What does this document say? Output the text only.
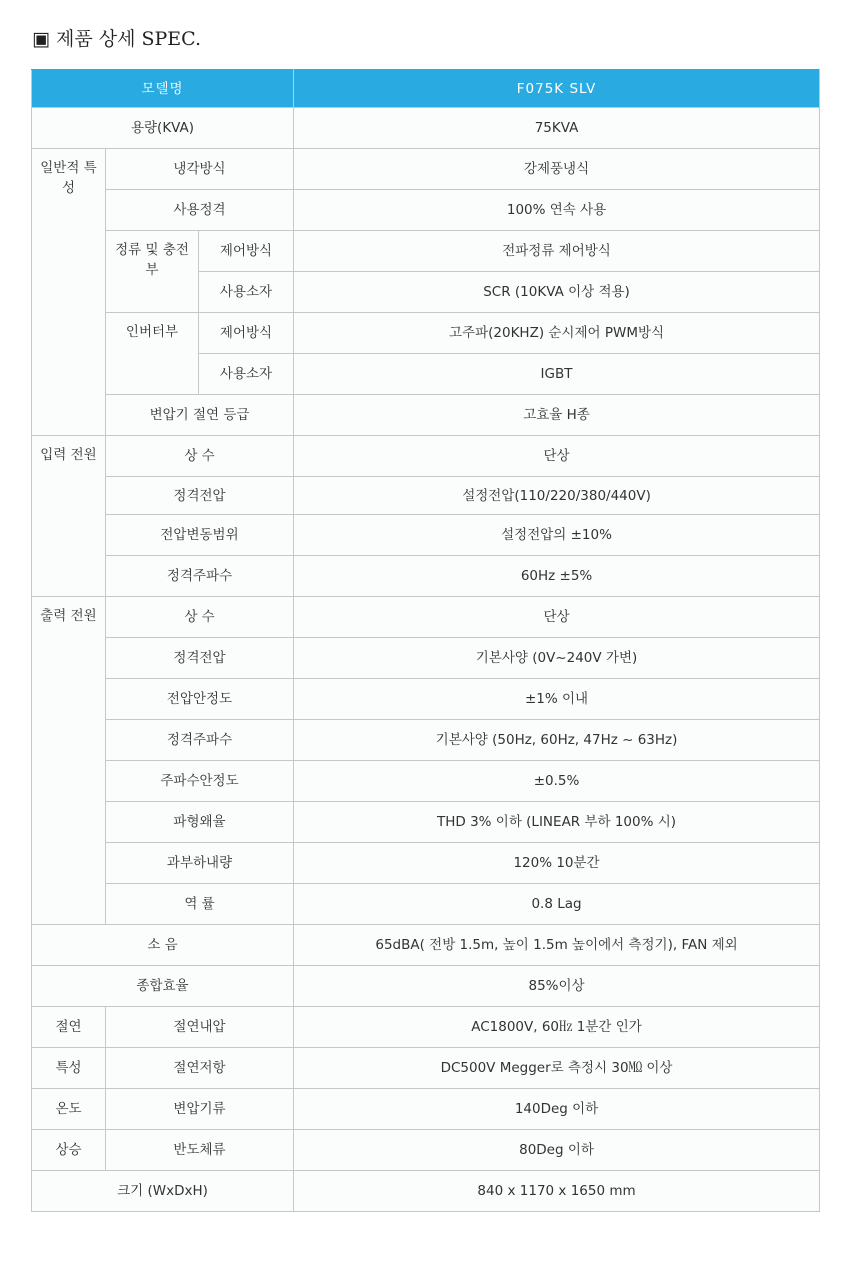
▣ 제품 상세 SPEC.
모델명			F075K SLV
용량(KVA)			75KVA
일반적 특성	냉각방식		강제풍냉식
	사용정격		100% 연속 사용
	정류 및 충전부	제어방식	전파정류 제어방식
		사용소자	SCR (10KVA 이상 적용)
	인버터부	제어방식	고주파(20KHZ) 순시제어 PWM방식
		사용소자	IGBT
	변압기 절연 등급		고효율 H종
입력 전원	상 수		단상
	정격전압		설정전압(110/220/380/440V)
	전압변동범위		설정전압의 ±10%
	정격주파수		60Hz ±5%
출력 전원	상 수		단상
	정격전압		기본사양 (0V~240V 가변)
	전압안정도		±1% 이내
	정격주파수		기본사양 (50Hz, 60Hz, 47Hz ~ 63Hz)
	주파수안정도		±0.5%
	파형왜율		THD 3% 이하 (LINEAR 부하 100% 시)
	과부하내량		120% 10분간
	역 률		0.8 Lag
소 음			65dBA( 전방 1.5m, 높이 1.5m 높이에서 측정기), FAN 제외
종합효율			85%이상
절연	절연내압		AC1800V, 60㎐ 1분간 인가
특성	절연저항		DC500V Megger로 측정시 30㏁ 이상
온도	변압기류		140Deg 이하
상승	반도체류		80Deg 이하
크기 (WxDxH)			840 x 1170 x 1650 mm
